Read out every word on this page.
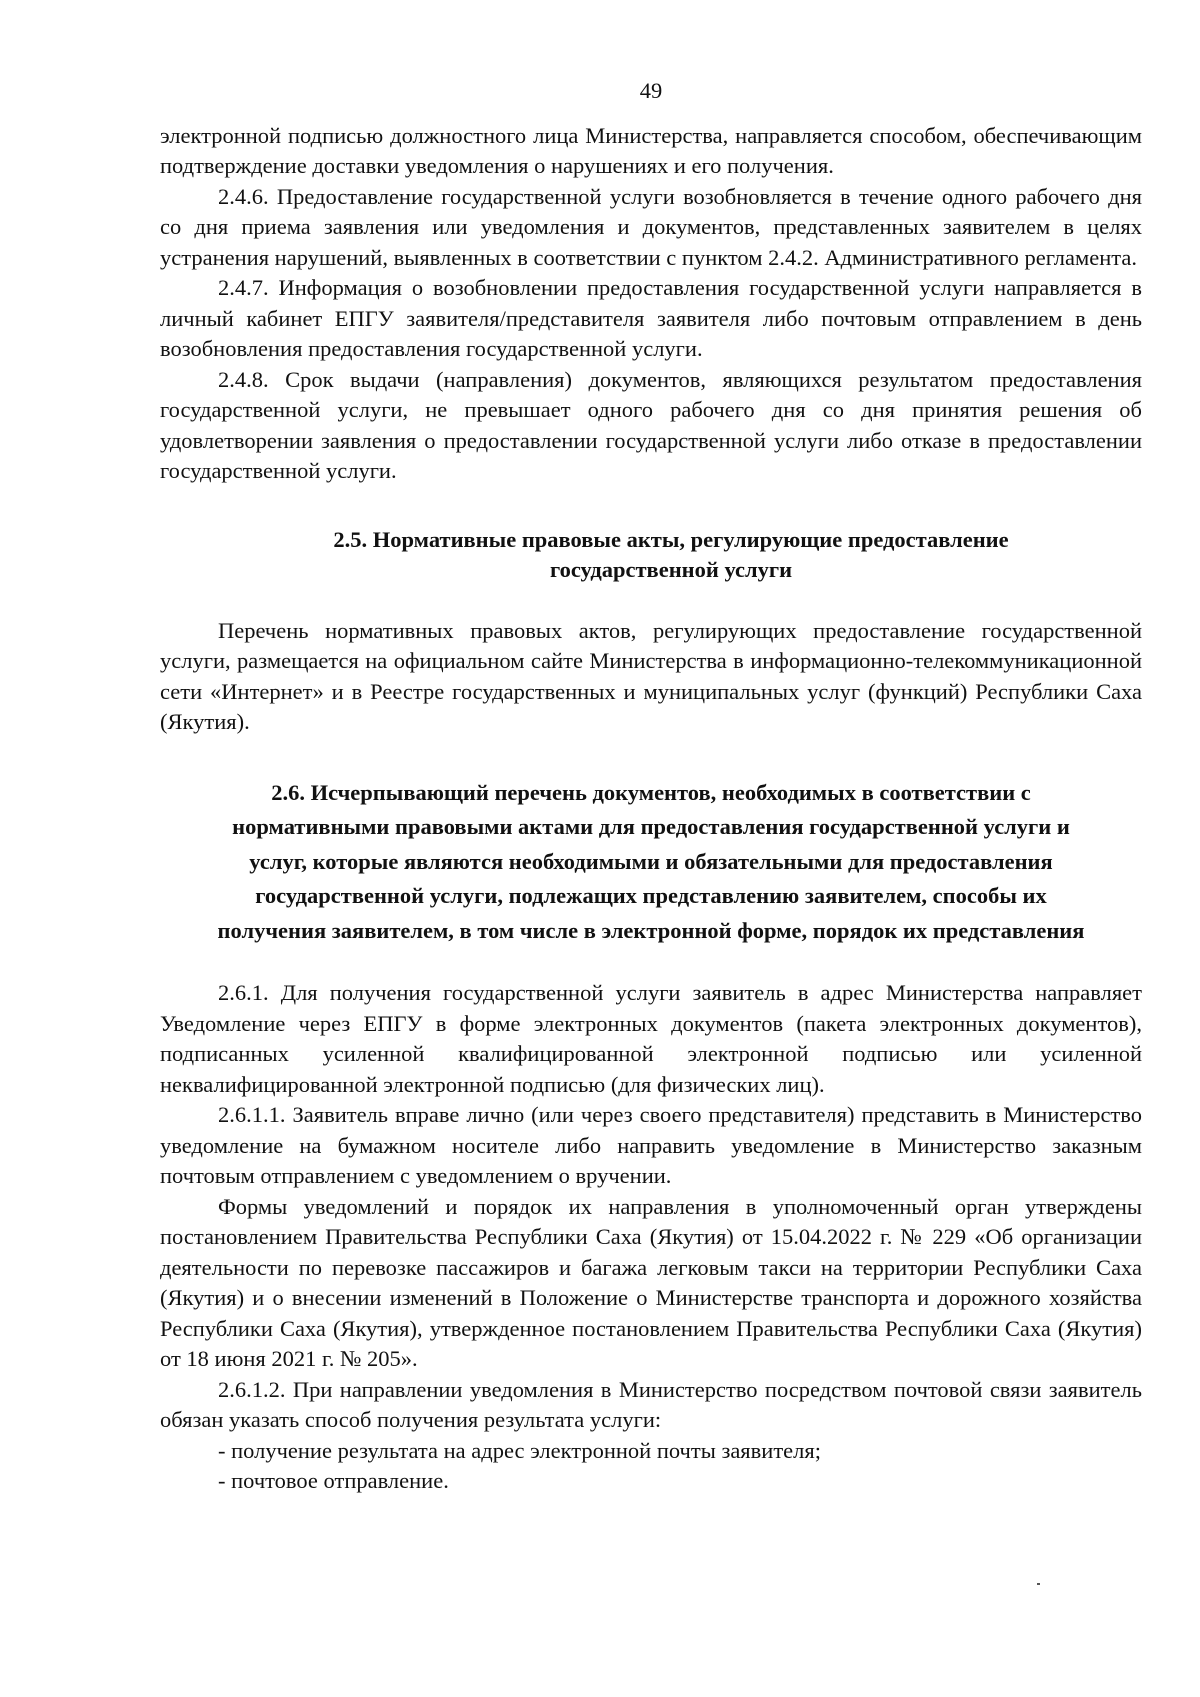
49

электронной подписью должностного лица Министерства, направляется способом, обеспечивающим подтверждение доставки уведомления о нарушениях и его получения.

2.4.6. Предоставление государственной услуги возобновляется в течение одного рабочего дня со дня приема заявления или уведомления и документов, представленных заявителем в целях устранения нарушений, выявленных в соответствии с пунктом 2.4.2. Административного регламента.

2.4.7. Информация о возобновлении предоставления государственной услуги направляется в личный кабинет ЕПГУ заявителя/представителя заявителя либо почтовым отправлением в день возобновления предоставления государственной услуги.

2.4.8. Срок выдачи (направления) документов, являющихся результатом предоставления государственной услуги, не превышает одного рабочего дня со дня принятия решения об удовлетворении заявления о предоставлении государственной услуги либо отказе в предоставлении государственной услуги.

2.5. Нормативные правовые акты, регулирующие предоставление
государственной услуги

Перечень нормативных правовых актов, регулирующих предоставление государственной услуги, размещается на официальном сайте Министерства в информационно-телекоммуникационной сети «Интернет» и в Реестре государственных и муниципальных услуг (функций) Республики Саха (Якутия).

2.6. Исчерпывающий перечень документов, необходимых в соответствии с
нормативными правовыми актами для предоставления государственной услуги и
услуг, которые являются необходимыми и обязательными для предоставления
государственной услуги, подлежащих представлению заявителем, способы их
получения заявителем, в том числе в электронной форме, порядок их представления

2.6.1. Для получения государственной услуги заявитель в адрес Министерства направляет Уведомление через ЕПГУ в форме электронных документов (пакета электронных документов), подписанных усиленной квалифицированной электронной подписью или усиленной неквалифицированной электронной подписью (для физических лиц).

2.6.1.1. Заявитель вправе лично (или через своего представителя) представить в Министерство уведомление на бумажном носителе либо направить уведомление в Министерство заказным почтовым отправлением с уведомлением о вручении.

Формы уведомлений и порядок их направления в уполномоченный орган утверждены постановлением Правительства Республики Саха (Якутия) от 15.04.2022 г. № 229 «Об организации деятельности по перевозке пассажиров и багажа легковым такси на территории Республики Саха (Якутия) и о внесении изменений в Положение о Министерстве транспорта и дорожного хозяйства Республики Саха (Якутия), утвержденное постановлением Правительства Республики Саха (Якутия) от 18 июня 2021 г. № 205».

2.6.1.2. При направлении уведомления в Министерство посредством почтовой связи заявитель обязан указать способ получения результата услуги:

- получение результата на адрес электронной почты заявителя;

- почтовое отправление.
